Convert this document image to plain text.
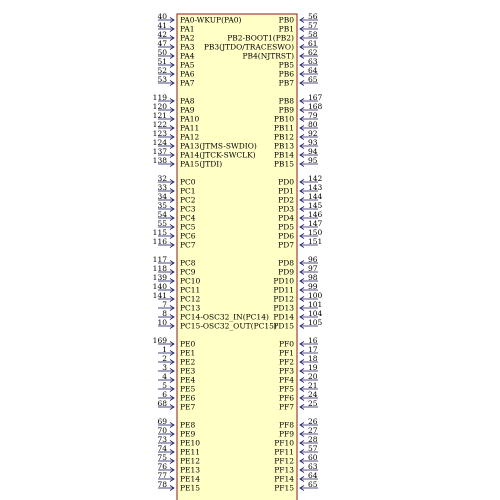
40 PA0-WKUP(PA0)
41 PA1
42 PA2
47 PA3
50 PA4
51 PA5
52 PA6
53 PA7
119 PA8
120 PA9
121 PA10
122 PA11
123 PA12
124 PA13(JTMS-SWDIO)
137 PA14(JTCK-SWCLK)
138 PA15(JTDI)
32 PC0
33 PC1
34 PC2
35 PC3
54 PC4
55 PC5
115 PC6
116 PC7
117 PC8
118 PC9
139 PC10
140 PC11
141 PC12
7 PC13
8 PC14-OSC32_IN(PC14)
10 PC15-OSC32_OUT(PC15)
169 PE0
1 PE1
2 PE2
3 PE3
4 PE4
5 PE5
6 PE6
68 PE7
69 PE8
70 PE9
73 PE10
74 PE11
75 PE12
76 PE13
77 PE14
78 PE15
56
PB0
57
PB1
58
PB2-BOOT1(PB2)
61
PB3(JTDO/TRACESWO)
62
PB4(NJTRST)
63
PB5
64
PB6
65
PB7
167
PB8
168
PB9
79
PB10
80
PB11
92
PB12
93
PB13
94
PB14
95
PB15
142
PD0
143
PD1
144
PD2
145
PD3
146
PD4
147
PD5
150
PD6
151
PD7
96
PD8
97
PD9
98
PD10
99
PD11
100
PD12
101
PD13
104
PD14
105
PD15
16
PF0
17
PF1
18
PF2
19
PF3
20
PF4
21
PF5
24
PF6
25
PF7
26
PF8
27
PF9
28
PF10
57
PF11
60
PF12
63
PF13
64
PF14
65
PF15
